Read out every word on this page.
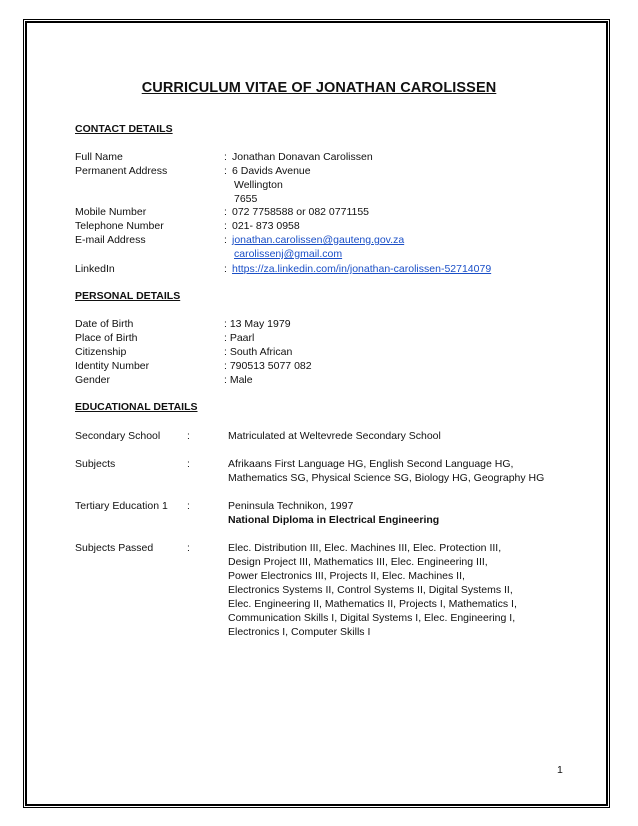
CURRICULUM VITAE OF JONATHAN CAROLISSEN
CONTACT DETAILS
Full Name	: Jonathan Donavan Carolissen
Permanent Address	: 6 Davids Avenue
Wellington
7655
Mobile Number	: 072 7758588 or 082 0771155
Telephone Number	: 021- 873 0958
E-mail Address	: jonathan.carolissen@gauteng.gov.za
carolissenj@gmail.com
LinkedIn	: https://za.linkedin.com/in/jonathan-carolissen-52714079
PERSONAL DETAILS
Date of Birth	: 13 May 1979
Place of Birth	: Paarl
Citizenship	: South African
Identity Number	: 790513 5077 082
Gender	: Male
EDUCATIONAL DETAILS
Secondary School	:	Matriculated at Weltevrede Secondary School
Subjects	:	Afrikaans First Language HG, English Second Language HG,
Mathematics SG, Physical Science SG, Biology HG, Geography HG
Tertiary Education 1 :	Peninsula Technikon, 1997
National Diploma in Electrical Engineering
Subjects Passed	:	Elec. Distribution III, Elec. Machines III, Elec. Protection III,
Design Project III, Mathematics III, Elec. Engineering III,
Power Electronics III, Projects II, Elec. Machines II,
Electronics Systems II, Control Systems II, Digital Systems II,
Elec. Engineering II, Mathematics II, Projects I, Mathematics I,
Communication Skills I, Digital Systems I, Elec. Engineering I,
Electronics I, Computer Skills I
1
